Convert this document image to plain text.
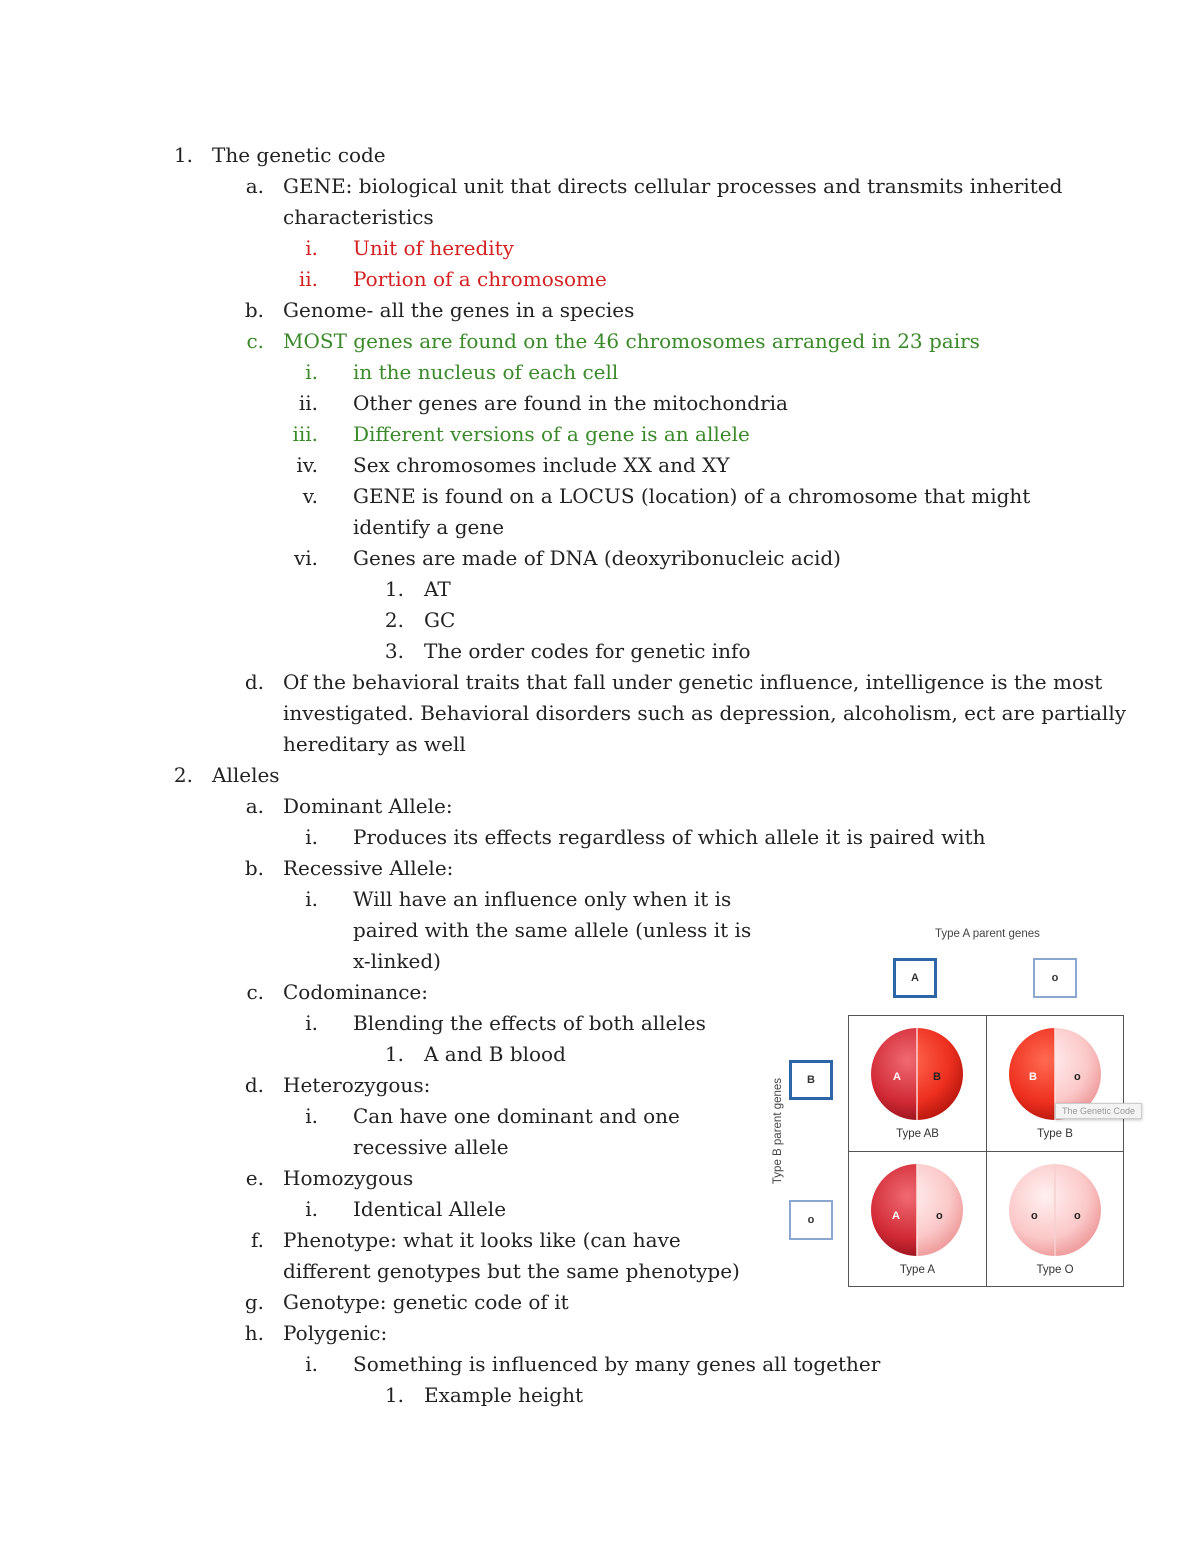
1. The genetic code
a. GENE: biological unit that directs cellular processes and transmits inherited
characteristics
i. Unit of heredity
ii. Portion of a chromosome
b. Genome- all the genes in a species
c. MOST genes are found on the 46 chromosomes arranged in 23 pairs
i. in the nucleus of each cell
ii. Other genes are found in the mitochondria
iii. Different versions of a gene is an allele
iv. Sex chromosomes include XX and XY
v. GENE is found on a LOCUS (location) of a chromosome that might
identify a gene
vi. Genes are made of DNA (deoxyribonucleic acid)
1. AT
2. GC
3. The order codes for genetic info
d. Of the behavioral traits that fall under genetic influence, intelligence is the most
investigated. Behavioral disorders such as depression, alcoholism, ect are partially
hereditary as well
2. Alleles
a. Dominant Allele:
i. Produces its effects regardless of which allele it is paired with
b. Recessive Allele:
i. Will have an influence only when it is
paired with the same allele (unless it is
x-linked)
c. Codominance:
i. Blending the effects of both alleles
1. A and B blood
d. Heterozygous:
i. Can have one dominant and one
recessive allele
e. Homozygous
i. Identical Allele
f. Phenotype: what it looks like (can have
different genotypes but the same phenotype)
g. Genotype: genetic code of it
h. Polygenic:
i. Something is influenced by many genes all together
1. Example height
Type A parent genes
Type B parent genes
A	o
B
o
A	B
Type AB
B	o
Type B
A	o
Type A
o	o
Type O
The Genetic Code
